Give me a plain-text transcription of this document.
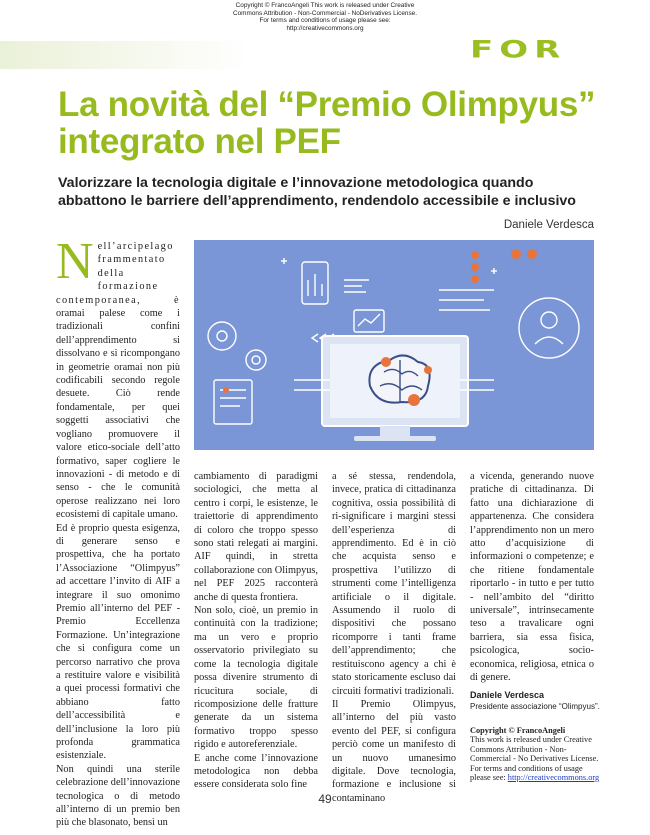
Copyright © FrancoAngeli This work is released under Creative
Commons Attribution - Non-Commercial - NoDerivatives License.
For terms and conditions of usage please see:
http://creativecommons.org
FOR
La novità del “Premio Olimpyus” integrato nel PEF

Valorizzare la tecnologia digitale e l’innovazione metodologica quando abbattono le barriere dell’apprendimento, rendendolo accessibile e inclusivo

Daniele Verdesca
N ell’arcipelago frammentato della formazione contemporanea, è oramai palese come i tradizionali confini dell’apprendimento si dissolvano e si ricompongano in geometrie oramai non più codificabili secondo regole desuete. Ciò rende fondamentale, per quei soggetti associativi che vogliano promuovere il valore etico-sociale dell’atto formativo, saper cogliere le innovazioni - di metodo e di senso - che le comunità operose realizzano nei loro ecosistemi di capitale umano.

Ed è proprio questa esigenza, di generare senso e prospettiva, che ha portato l’Associazione “Olimpyus” ad accettare l’invito di AIF a integrare il suo omonimo Premio all’interno del PEF - Premio Eccellenza Formazione. Un’integrazione che si configura come un percorso narrativo che prova a restituire valore e visibilità a quei processi formativi che abbiano fatto dell’accessibilità e dell’inclusione la loro più profonda grammatica esistenziale.

Non quindi una sterile celebrazione dell’innovazione tecnologica o di metodo all’interno di un premio ben più che blasonato, bensì un

cambiamento di paradigmi sociologici, che metta al centro i corpi, le esistenze, le traiettorie di apprendimento di coloro che troppo spesso sono stati relegati ai margini. AIF quindi, in stretta collaborazione con Olimpyus, nel PEF 2025 racconterà anche di questa frontiera.

Non solo, cioè, un premio in continuità con la tradizione; ma un vero e proprio osservatorio privilegiato su come la tecnologia digitale possa divenire strumento di ricucitura sociale, di ricomposizione delle fratture generate da un sistema formativo troppo spesso rigido e autoreferenziale.

E anche come l’innovazione metodologica non debba essere considerata solo fine

a sé stessa, rendendola, invece, pratica di cittadinanza cognitiva, ossia possibilità di ri-significare i margini stessi dell’esperienza di apprendimento. Ed è in ciò che acquista senso e prospettiva l’utilizzo di strumenti come l’intelligenza artificiale o il digitale. Assumendo il ruolo di dispositivi che possano ricomporre i tanti frame dell’apprendimento; che restituiscono agency a chi è stato storicamente escluso dai circuiti formativi tradizionali.

Il Premio Olimpyus, all’interno del più vasto evento del PEF, si configura perciò come un manifesto di un nuovo umanesimo digitale. Dove tecnologia, formazione e inclusione si contaminano

a vicenda, generando nuove pratiche di cittadinanza. Di fatto una dichiarazione di appartenenza. Che considera l’apprendimento non un mero atto d’acquisizione di informazioni o competenze; e che ritiene fondamentale riportarlo - in tutto e per tutto - nell’ambito del “diritto universale”, intrinsecamente teso a travalicare ogni barriera, sia essa fisica, psicologica, socio-economica, religiosa, etnica o di genere.

Daniele Verdesca
Presidente associazione “Olimpyus”.
Copyright © FrancoAngeli
This work is released under Creative Commons Attribution - Non-Commercial - No Derivatives License. For terms and conditions of usage please see: http://creativecommons.org
49
